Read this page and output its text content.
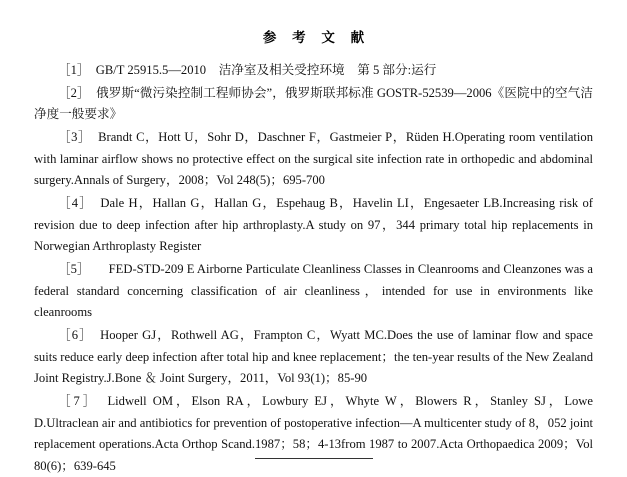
参 考 文 献

［1］　GB/T 25915.5—2010　洁净室及相关受控环境　第 5 部分:运行

［2］　俄罗斯“微污染控制工程师协会”，俄罗斯联邦标准 GOSTR-52539—2006《医院中的空气洁净度一般要求》

［3］　Brandt C，Hott U，Sohr D，Daschner F，Gastmeier P，Rüden H.Operating room ventilation with laminar airflow shows no protective effect on the surgical site infection rate in orthopedic and abdominal surgery.Annals of Surgery，2008；Vol 248(5)；695-700

［4］　Dale H，Hallan G，Hallan G，Espehaug B，Havelin LI，Engesaeter LB.Increasing risk of revision due to deep infection after hip arthroplasty.A study on 97，344 primary total hip replacements in Norwegian Arthroplasty Register

［5］　　FED-STD-209 E Airborne Particulate Cleanliness Classes in Cleanrooms and Cleanzones was a federal standard concerning classification of air cleanliness，intended for use in environments like cleanrooms

［6］　Hooper GJ，Rothwell AG，Frampton C，Wyatt MC.Does the use of laminar flow and space suits reduce early deep infection after total hip and knee replacement；the ten-year results of the New Zealand Joint Registry.J.Bone ＆ Joint Surgery，2011，Vol 93(1)；85-90

［7］　Lidwell OM，Elson RA，Lowbury EJ，Whyte W，Blowers R，Stanley SJ，Lowe D.Ultraclean air and antibiotics for prevention of postoperative infection—A multicenter study of 8，052 joint replacement operations.Acta Orthop Scand.1987；58；4-13from 1987 to 2007.Acta Orthopaedica 2009；Vol 80(6)；639-645
